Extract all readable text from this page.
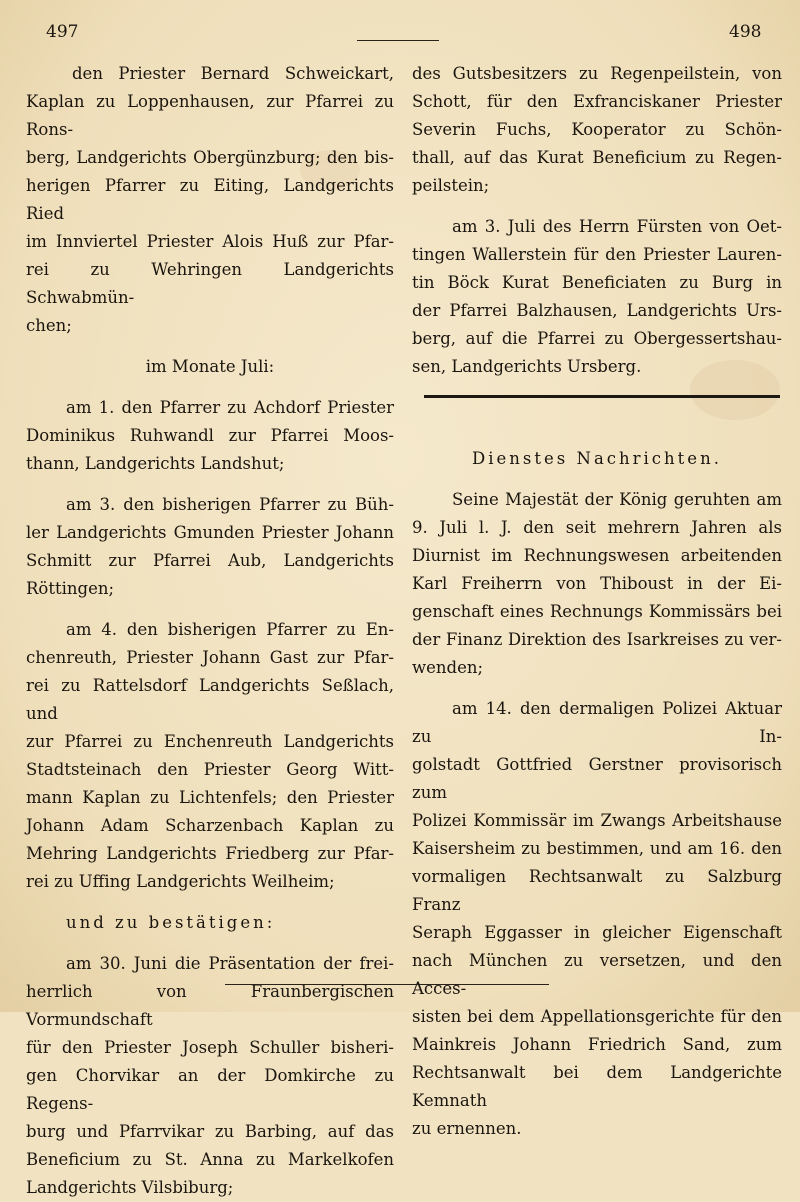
497	498

den Priester Bernard Schweickart,

Kaplan zu Loppenhausen, zur Pfarrei zu Rons-

berg, Landgerichts Obergünzburg; den bis-

herigen Pfarrer zu Eiting, Landgerichts Ried

im Innviertel Priester Alois Huß zur Pfar-

rei zu Wehringen Landgerichts Schwabmün-

chen;

im Monate Juli:

am 1. den Pfarrer zu Achdorf Priester

Dominikus Ruhwandl zur Pfarrei Moos-

thann, Landgerichts Landshut;

am 3. den bisherigen Pfarrer zu Büh-

ler Landgerichts Gmunden Priester Johann

Schmitt zur Pfarrei Aub, Landgerichts

Röttingen;

am 4. den bisherigen Pfarrer zu En-

chenreuth, Priester Johann Gast zur Pfar-

rei zu Rattelsdorf Landgerichts Seßlach, und

zur Pfarrei zu Enchenreuth Landgerichts

Stadtsteinach den Priester Georg Witt-

mann Kaplan zu Lichtenfels; den Priester

Johann Adam Scharzenbach Kaplan zu

Mehring Landgerichts Friedberg zur Pfar-

rei zu Uffing Landgerichts Weilheim;

und zu bestätigen:

am 30. Juni die Präsentation der frei-

herrlich von Fraunbergischen Vormundschaft

für den Priester Joseph Schuller bisheri-

gen Chorvikar an der Domkirche zu Regens-

burg und Pfarrvikar zu Barbing, auf das

Beneficium zu St. Anna zu Markelkofen

Landgerichts Vilsbiburg;

des Gutsbesitzers zu Regenpeilstein, von

Schott, für den Exfranciskaner Priester

Severin Fuchs, Kooperator zu Schön-

thall, auf das Kurat Beneficium zu Regen-

peilstein;

am 3. Juli des Herrn Fürsten von Oet-

tingen Wallerstein für den Priester Lauren-

tin Böck Kurat Beneficiaten zu Burg in

der Pfarrei Balzhausen, Landgerichts Urs-

berg, auf die Pfarrei zu Obergessertshau-

sen, Landgerichts Ursberg.

Dienstes Nachrichten.

Seine Majestät der König geruhten am

9. Juli l. J. den seit mehrern Jahren als

Diurnist im Rechnungswesen arbeitenden

Karl Freiherrn von Thiboust in der Ei-

genschaft eines Rechnungs Kommissärs bei

der Finanz Direktion des Isarkreises zu ver-

wenden;

am 14. den dermaligen Polizei Aktuar zu In-

golstadt Gottfried Gerstner provisorisch zum

Polizei Kommissär im Zwangs Arbeitshause

Kaisersheim zu bestimmen, und am 16. den

vormaligen Rechtsanwalt zu Salzburg Franz

Seraph Eggasser in gleicher Eigenschaft

nach München zu versetzen, und den Acces-

sisten bei dem Appellationsgerichte für den

Mainkreis Johann Friedrich Sand, zum

Rechtsanwalt bei dem Landgerichte Kemnath

zu ernennen.
